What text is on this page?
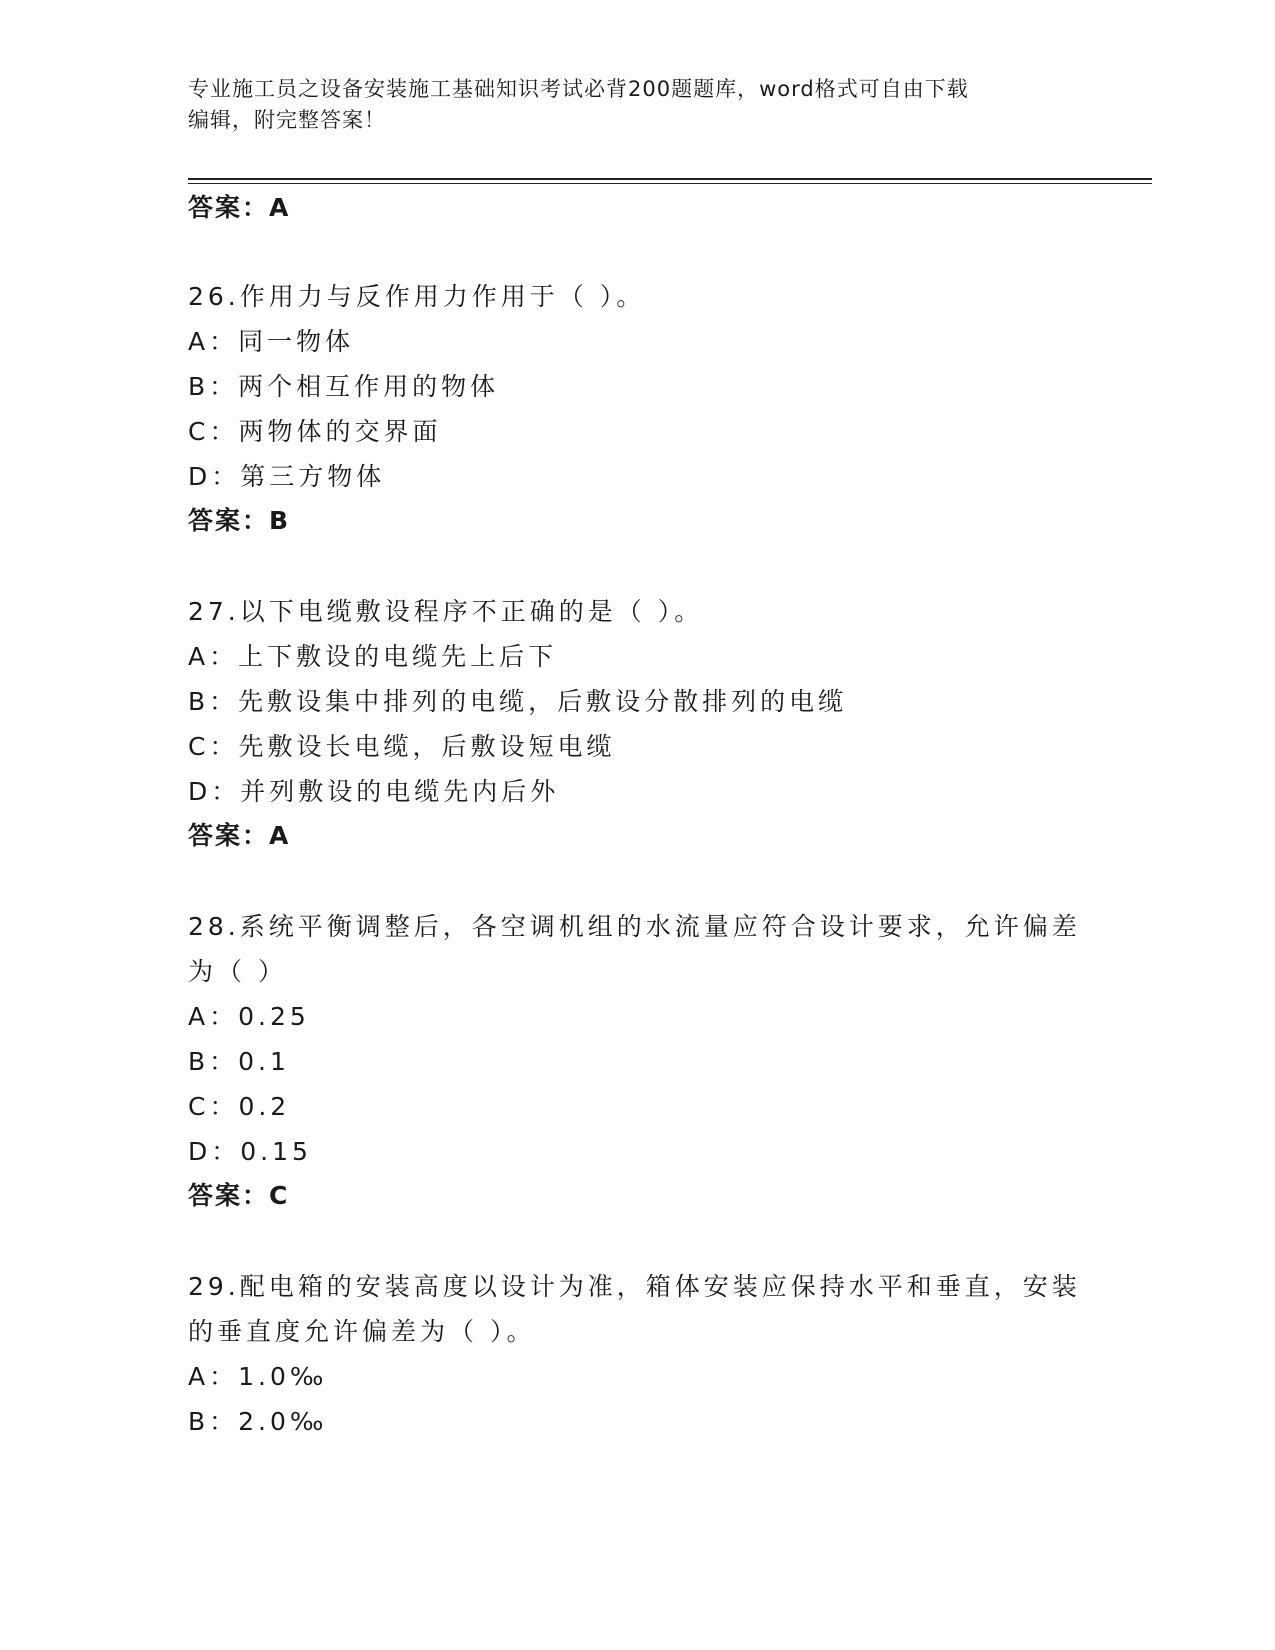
专业施工员之设备安装施工基础知识考试必背200题题库，word格式可自由下载
编辑，附完整答案！
答案：A
26.作用力与反作用力作用于（ ）。
A：同一物体
B：两个相互作用的物体
C：两物体的交界面
D：第三方物体
答案：B
27.以下电缆敷设程序不正确的是（ ）。
A：上下敷设的电缆先上后下
B：先敷设集中排列的电缆，后敷设分散排列的电缆
C：先敷设长电缆，后敷设短电缆
D：并列敷设的电缆先内后外
答案：A
28.系统平衡调整后，各空调机组的水流量应符合设计要求，允许偏差
为（ ）
A：0.25
B：0.1
C：0.2
D：0.15
答案：C
29.配电箱的安装高度以设计为准，箱体安装应保持水平和垂直，安装
的垂直度允许偏差为（ ）。
A：1.0‰
B：2.0‰
